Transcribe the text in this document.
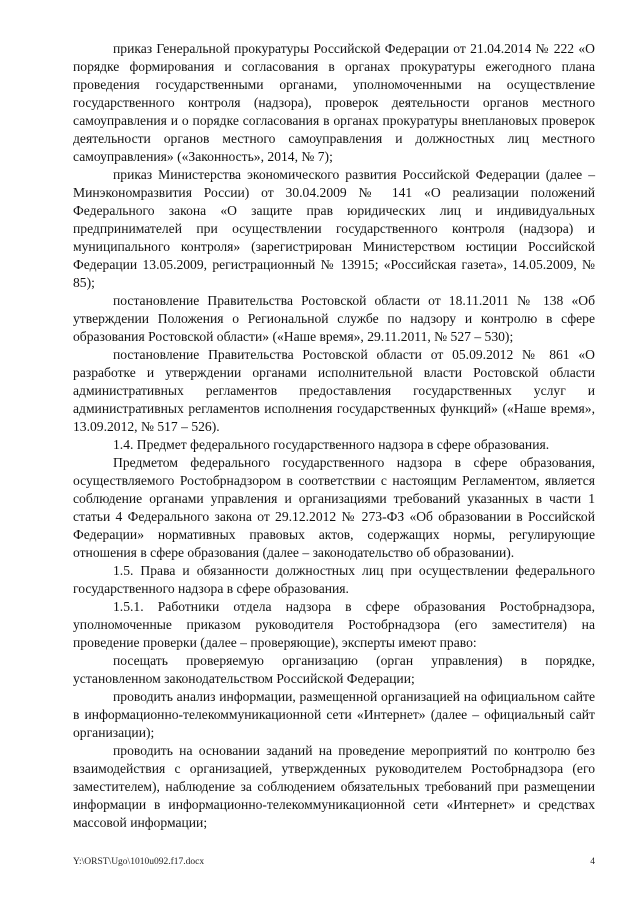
приказ Генеральной прокуратуры Российской Федерации от 21.04.2014 № 222 «О порядке формирования и согласования в органах прокуратуры ежегодного плана проведения государственными органами, уполномоченными на осуществление государственного контроля (надзора), проверок деятельности органов местного самоуправления и о порядке согласования в органах прокуратуры внеплановых проверок деятельности органов местного самоуправления и должностных лиц местного самоуправления» («Законность», 2014, № 7);

приказ Министерства экономического развития Российской Федерации (далее – Минэкономразвития России) от 30.04.2009 № 141 «О реализации положений Федерального закона «О защите прав юридических лиц и индивидуальных предпринимателей при осуществлении государственного контроля (надзора) и муниципального контроля» (зарегистрирован Министерством юстиции Российской Федерации 13.05.2009, регистрационный № 13915; «Российская газета», 14.05.2009, № 85);

постановление Правительства Ростовской области от 18.11.2011 № 138 «Об утверждении Положения о Региональной службе по надзору и контролю в сфере образования Ростовской области» («Наше время», 29.11.2011, № 527 – 530);

постановление Правительства Ростовской области от 05.09.2012 № 861 «О разработке и утверждении органами исполнительной власти Ростовской области административных регламентов предоставления государственных услуг и административных регламентов исполнения государственных функций» («Наше время», 13.09.2012, № 517 – 526).

1.4. Предмет федерального государственного надзора в сфере образования.

Предметом федерального государственного надзора в сфере образования, осуществляемого Ростобрнадзором в соответствии с настоящим Регламентом, является соблюдение органами управления и организациями требований указанных в части 1 статьи 4 Федерального закона от 29.12.2012 № 273-ФЗ «Об образовании в Российской Федерации» нормативных правовых актов, содержащих нормы, регулирующие отношения в сфере образования (далее – законодательство об образовании).

1.5. Права и обязанности должностных лиц при осуществлении федерального государственного надзора в сфере образования.

1.5.1. Работники отдела надзора в сфере образования Ростобрнадзора, уполномоченные приказом руководителя Ростобрнадзора (его заместителя) на проведение проверки (далее – проверяющие), эксперты имеют право:

посещать проверяемую организацию (орган управления) в порядке, установленном законодательством Российской Федерации;

проводить анализ информации, размещенной организацией на официальном сайте в информационно-телекоммуникационной сети «Интернет» (далее – официальный сайт организации);

проводить на основании заданий на проведение мероприятий по контролю без взаимодействия с организацией, утвержденных руководителем Ростобрнадзора (его заместителем), наблюдение за соблюдением обязательных требований при размещении информации в информационно-телекоммуникационной сети «Интернет» и средствах массовой информации;

Y:\ORST\Ugo\1010u092.f17.docx	4
